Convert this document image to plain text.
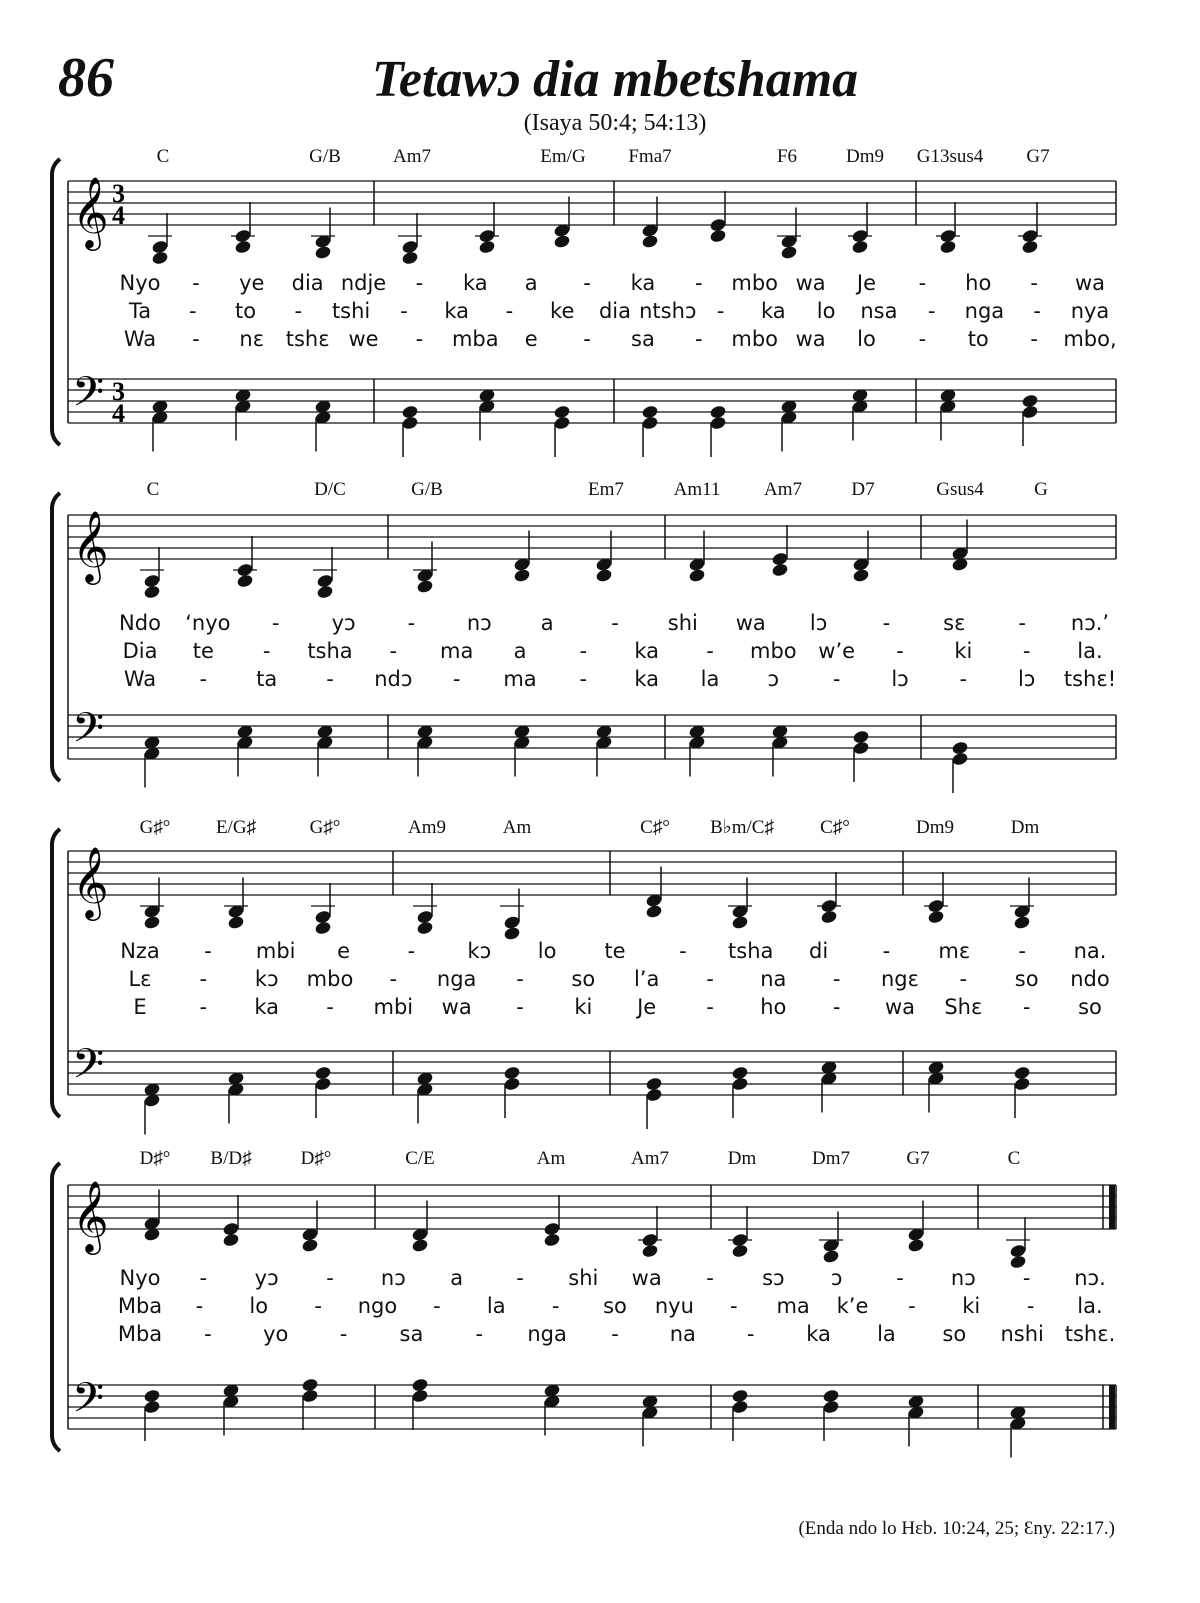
86	Tetawɔ dia mbetshama
(Isaya 50:4; 54:13)
𝄞
𝄢
3
4
3
4
C	G/B	Am7	Em/G Fma7	F6	Dm9 G13sus4 G7
Nyo - ye dia ndje - ka a - ka - mbo wa Je - ho - wa
Ta - to - tshi - ka - ke dia ntshɔ - ka lo nsa - nga - nya
Wa - nɛ tshɛ we - mba e - sa - mbo wa lo - to - mbo,
𝄞
𝄢
C	D/C	G/B	Em7	Am11 Am7	D7	Gsus4	G
Ndo ‘nyo - yɔ - nɔ a	- shi wa lɔ	-	sɛ	- nɔ.’
Dia te - tsha - ma a	- ka - mbo w’e - ki - la.
Wa - ta - ndɔ - ma - ka la ɔ	- lɔ - lɔ tshɛ!
𝄞
𝄢
G♯° E/G♯	G♯°	Am9	Am	C♯° B♭m/C♯ C♯°	Dm9	Dm
Nza - mbi e	- kɔ lo te	- tsha di	- mɛ - na.
Lɛ - kɔ mbo - nga - so l’a - na - ngɛ - so ndo
E	- ka - mbi wa - ki Je - ho - wa Shɛ - so
𝄞
𝄢
D♯° B/D♯	D♯°	C/E	Am	Am7	Dm	Dm7	G7	C
Nyo - yɔ - nɔ a	- shi wa - sɔ ɔ	- nɔ - nɔ.
Mba - lo - ngo - la - so nyu - ma k’e - ki - la.
Mba - yo - sa - nga - na - ka la so nshi tshɛ.
(Enda ndo lo Hɛb. 10:24, 25; Ɛny. 22:17.)
